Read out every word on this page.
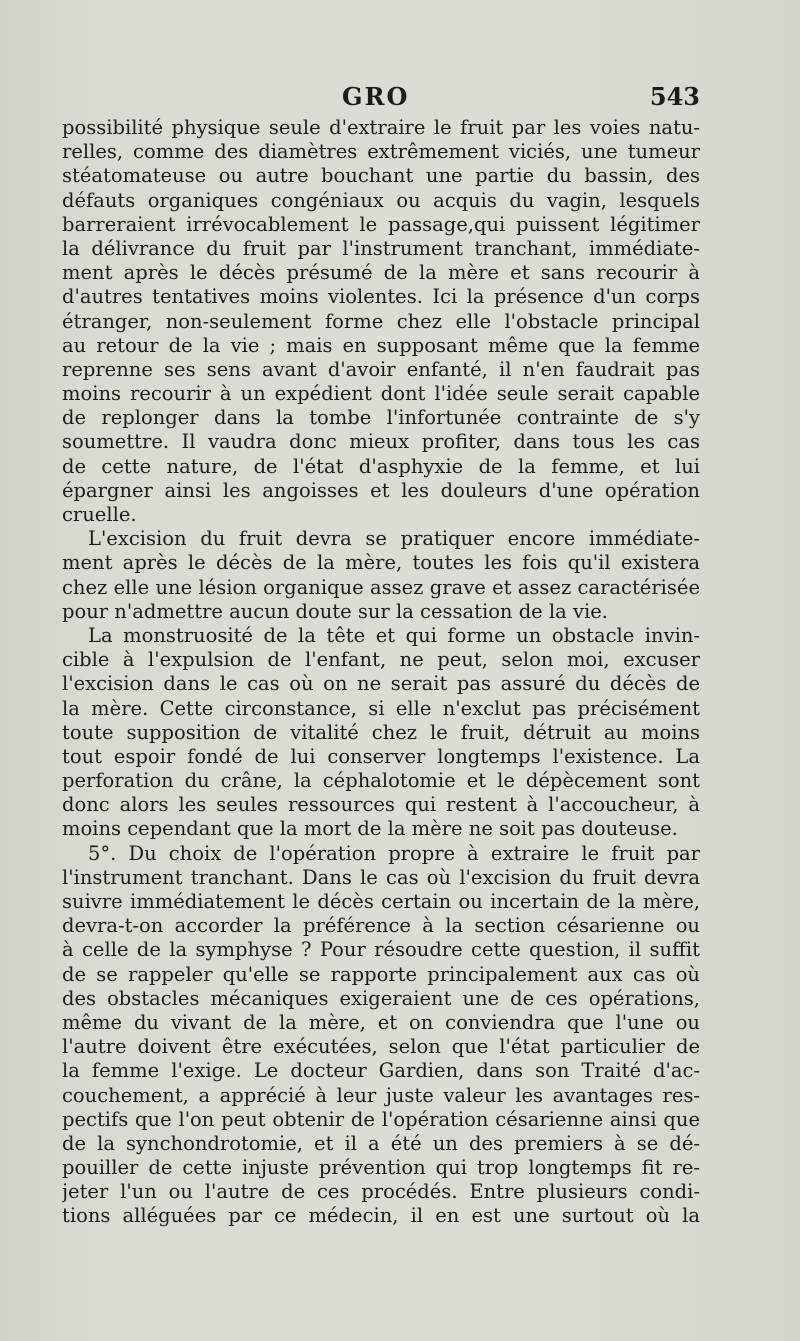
GRO	543
possibilité physique seule d'extraire le fruit par les voies natu-
relles, comme des diamètres extrêmement viciés, une tumeur
stéatomateuse ou autre bouchant une partie du bassin, des
défauts organiques congéniaux ou acquis du vagin, lesquels
barreraient irrévocablement le passage,qui puissent légitimer
la délivrance du fruit par l'instrument tranchant, immédiate-
ment après le décès présumé de la mère et sans recourir à
d'autres tentatives moins violentes. Ici la présence d'un corps
étranger, non-seulement forme chez elle l'obstacle principal
au retour de la vie ; mais en supposant même que la femme
reprenne ses sens avant d'avoir enfanté, il n'en faudrait pas
moins recourir à un expédient dont l'idée seule serait capable
de replonger dans la tombe l'infortunée contrainte de s'y
soumettre. Il vaudra donc mieux profiter, dans tous les cas
de cette nature, de l'état d'asphyxie de la femme, et lui
épargner ainsi les angoisses et les douleurs d'une opération
cruelle.
L'excision du fruit devra se pratiquer encore immédiate-
ment après le décès de la mère, toutes les fois qu'il existera
chez elle une lésion organique assez grave et assez caractérisée
pour n'admettre aucun doute sur la cessation de la vie.
La monstruosité de la tête et qui forme un obstacle invin-
cible à l'expulsion de l'enfant, ne peut, selon moi, excuser
l'excision dans le cas où on ne serait pas assuré du décès de
la mère. Cette circonstance, si elle n'exclut pas précisément
toute supposition de vitalité chez le fruit, détruit au moins
tout espoir fondé de lui conserver longtemps l'existence. La
perforation du crâne, la céphalotomie et le dépècement sont
donc alors les seules ressources qui restent à l'accoucheur, à
moins cependant que la mort de la mère ne soit pas douteuse.
5°. Du choix de l'opération propre à extraire le fruit par
l'instrument tranchant. Dans le cas où l'excision du fruit devra
suivre immédiatement le décès certain ou incertain de la mère,
devra-t-on accorder la préférence à la section césarienne ou
à celle de la symphyse ? Pour résoudre cette question, il suffit
de se rappeler qu'elle se rapporte principalement aux cas où
des obstacles mécaniques exigeraient une de ces opérations,
même du vivant de la mère, et on conviendra que l'une ou
l'autre doivent être exécutées, selon que l'état particulier de
la femme l'exige. Le docteur Gardien, dans son Traité d'ac-
couchement, a apprécié à leur juste valeur les avantages res-
pectifs que l'on peut obtenir de l'opération césarienne ainsi que
de la synchondrotomie, et il a été un des premiers à se dé-
pouiller de cette injuste prévention qui trop longtemps fit re-
jeter l'un ou l'autre de ces procédés. Entre plusieurs condi-
tions alléguées par ce médecin, il en est une surtout où la
